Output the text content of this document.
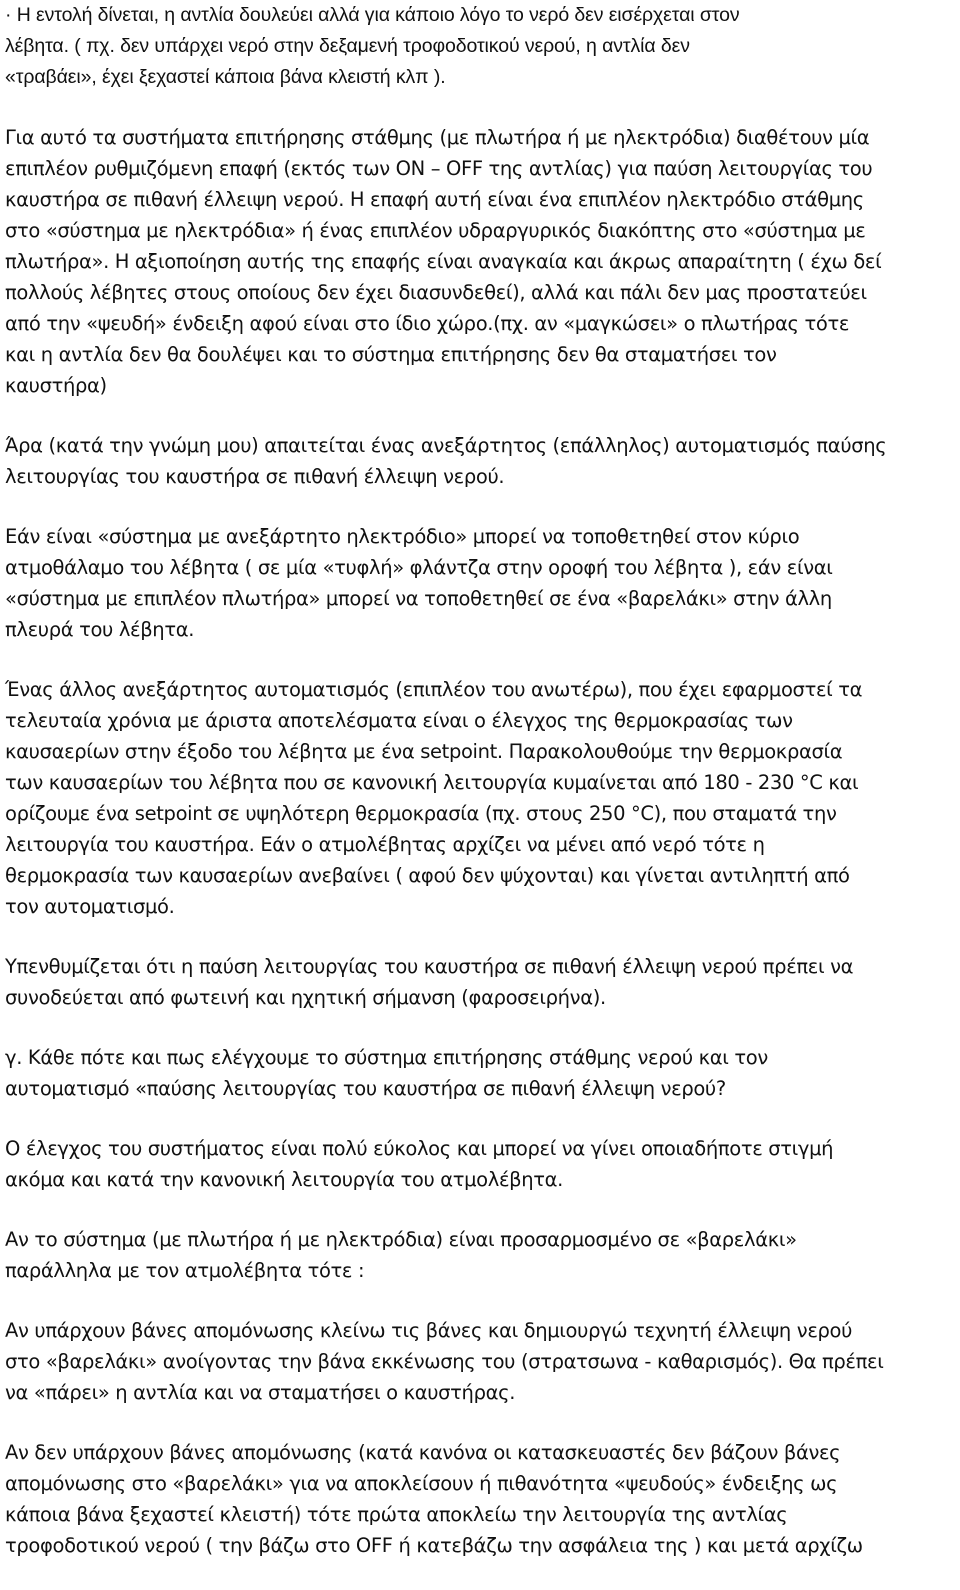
· Η εντολή δίνεται, η αντλία δουλεύει αλλά για κάποιο λόγο το νερό δεν εισέρχεται στον
λέβητα. ( πχ. δεν υπάρχει νερό στην δεξαμενή τροφοδοτικού νερού, η αντλία δεν
«τραβάει», έχει ξεχαστεί κάποια βάνα κλειστή κλπ ).
Για αυτό τα συστήματα επιτήρησης στάθμης (με πλωτήρα ή με ηλεκτρόδια) διαθέτουν μία
επιπλέον ρυθμιζόμενη επαφή (εκτός των ON – OFF της αντλίας) για παύση λειτουργίας του
καυστήρα σε πιθανή έλλειψη νερού. Η επαφή αυτή είναι ένα επιπλέον ηλεκτρόδιο στάθμης
στο «σύστημα με ηλεκτρόδια» ή ένας επιπλέον υδραργυρικός διακόπτης στο «σύστημα με
πλωτήρα». Η αξιοποίηση αυτής της επαφής είναι αναγκαία και άκρως απαραίτητη ( έχω δεί
πολλούς λέβητες στους οποίους δεν έχει διασυνδεθεί), αλλά και πάλι δεν μας προστατεύει
από την «ψευδή» ένδειξη αφού είναι στο ίδιο χώρο.(πχ. αν «μαγκώσει» ο πλωτήρας τότε
και η αντλία δεν θα δουλέψει και το σύστημα επιτήρησης δεν θα σταματήσει τον
καυστήρα)
Άρα (κατά την γνώμη μου) απαιτείται ένας ανεξάρτητος (επάλληλος) αυτοματισμός παύσης
λειτουργίας του καυστήρα σε πιθανή έλλειψη νερού.
Εάν είναι «σύστημα με ανεξάρτητο ηλεκτρόδιο» μπορεί να τοποθετηθεί στον κύριο
ατμοθάλαμο του λέβητα ( σε μία «τυφλή» φλάντζα στην οροφή του λέβητα ), εάν είναι
«σύστημα με επιπλέον πλωτήρα» μπορεί να τοποθετηθεί σε ένα «βαρελάκι» στην άλλη
πλευρά του λέβητα.
Ένας άλλος ανεξάρτητος αυτοματισμός (επιπλέον του ανωτέρω), που έχει εφαρμοστεί τα
τελευταία χρόνια με άριστα αποτελέσματα είναι ο έλεγχος της θερμοκρασίας των
καυσαερίων στην έξοδο του λέβητα με ένα setpoint. Παρακολουθούμε την θερμοκρασία
των καυσαερίων του λέβητα που σε κανονική λειτουργία κυμαίνεται από 180 - 230 °C και
ορίζουμε ένα setpoint σε υψηλότερη θερμοκρασία (πχ. στους 250 °C), που σταματά την
λειτουργία του καυστήρα. Εάν ο ατμολέβητας αρχίζει να μένει από νερό τότε η
θερμοκρασία των καυσαερίων ανεβαίνει ( αφού δεν ψύχονται) και γίνεται αντιληπτή από
τον αυτοματισμό.
Υπενθυμίζεται ότι η παύση λειτουργίας του καυστήρα σε πιθανή έλλειψη νερού πρέπει να
συνοδεύεται από φωτεινή και ηχητική σήμανση (φαροσειρήνα).
γ. Κάθε πότε και πως ελέγχουμε το σύστημα επιτήρησης στάθμης νερού και τον
αυτοματισμό «παύσης λειτουργίας του καυστήρα σε πιθανή έλλειψη νερού?
Ο έλεγχος του συστήματος είναι πολύ εύκολος και μπορεί να γίνει οποιαδήποτε στιγμή
ακόμα και κατά την κανονική λειτουργία του ατμολέβητα.
Αν το σύστημα (με πλωτήρα ή με ηλεκτρόδια) είναι προσαρμοσμένο σε «βαρελάκι»
παράλληλα με τον ατμολέβητα τότε :
Αν υπάρχουν βάνες απομόνωσης κλείνω τις βάνες και δημιουργώ τεχνητή έλλειψη νερού
στο «βαρελάκι» ανοίγοντας την βάνα εκκένωσης του (στρατσωνα - καθαρισμός). Θα πρέπει
να «πάρει» η αντλία και να σταματήσει ο καυστήρας.
Αν δεν υπάρχουν βάνες απομόνωσης (κατά κανόνα οι κατασκευαστές δεν βάζουν βάνες
απομόνωσης στο «βαρελάκι» για να αποκλείσουν ή πιθανότητα «ψευδούς» ένδειξης ως
κάποια βάνα ξεχαστεί κλειστή) τότε πρώτα αποκλείω την λειτουργία της αντλίας
τροφοδοτικού νερού ( την βάζω στο OFF ή κατεβάζω την ασφάλεια της ) και μετά αρχίζω
